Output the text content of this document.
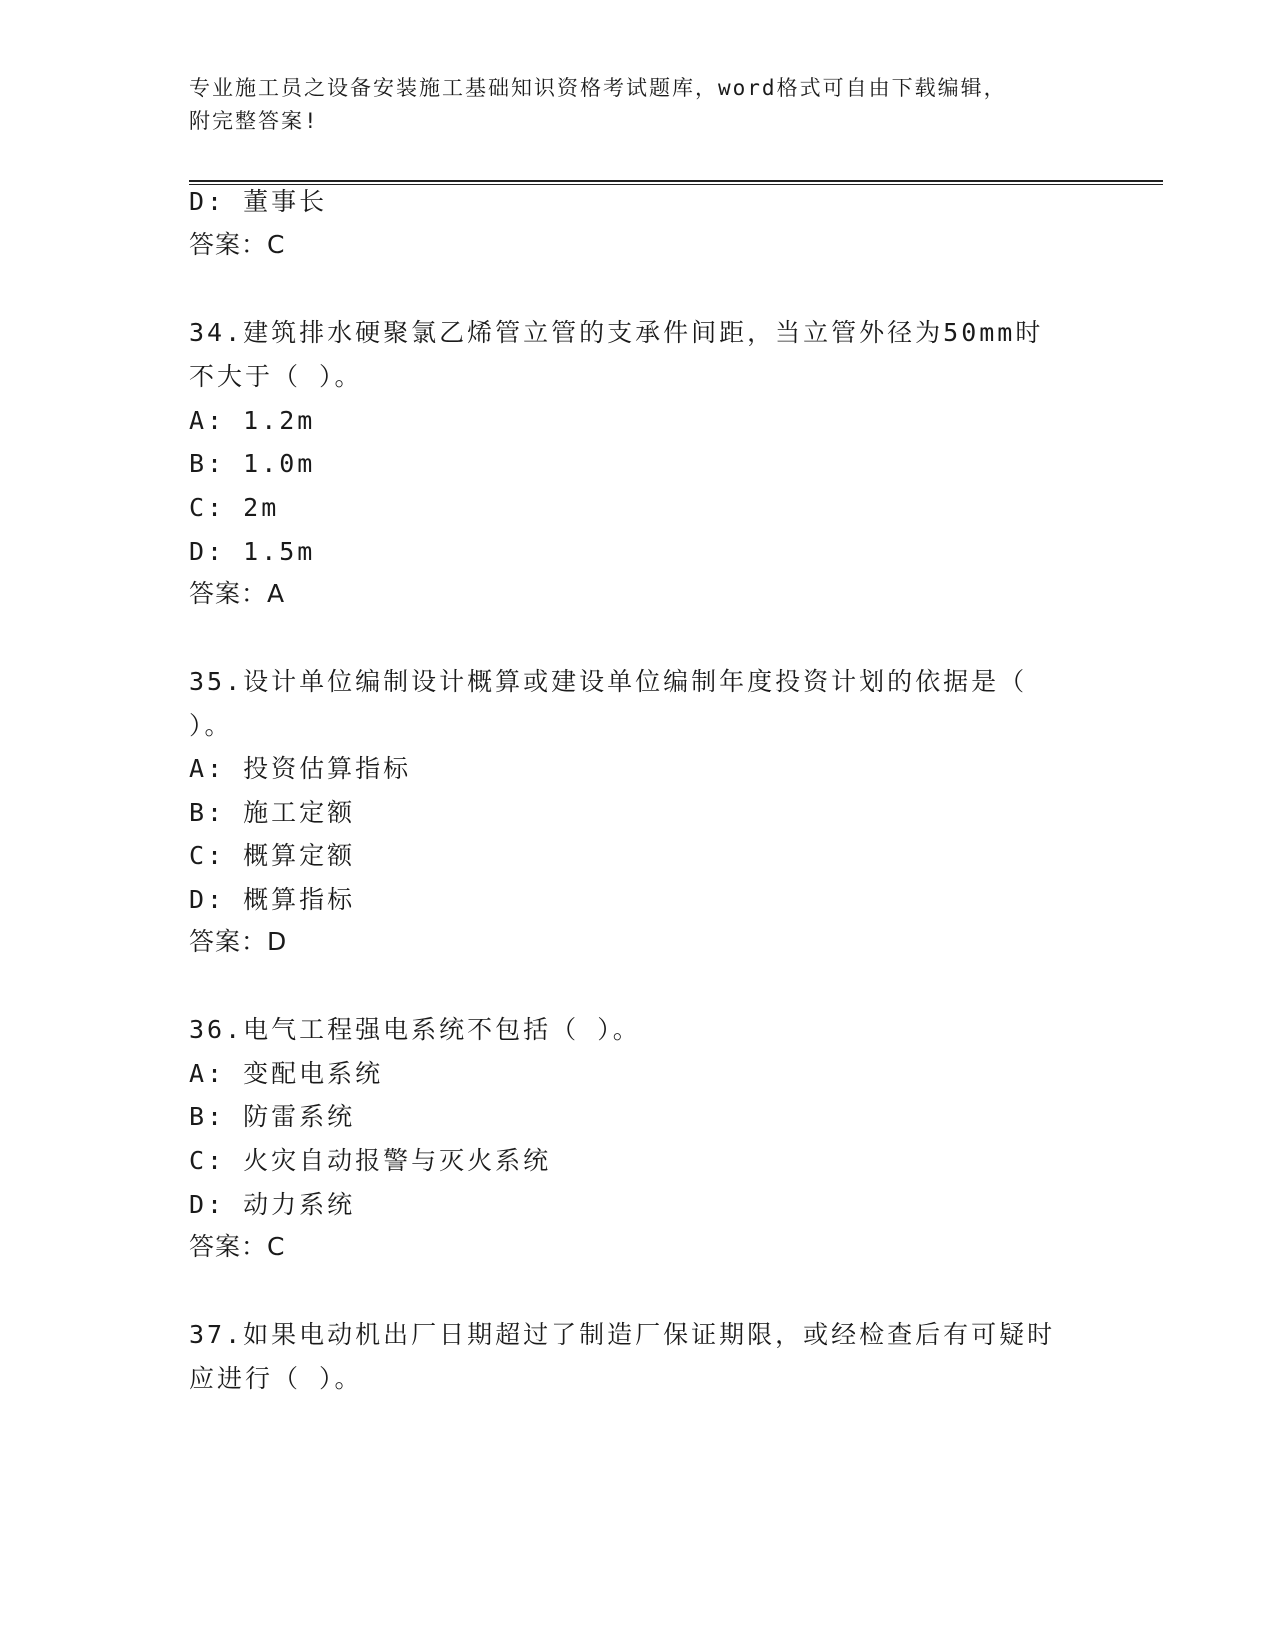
专业施工员之设备安装施工基础知识资格考试题库，word格式可自由下载编辑，
附完整答案!
D: 董事长
答案：C
34.建筑排水硬聚氯乙烯管立管的支承件间距，当立管外径为50mm时
不大于（ ）。
A: 1.2m
B: 1.0m
C: 2m
D: 1.5m
答案：A
35.设计单位编制设计概算或建设单位编制年度投资计划的依据是（
）。
A: 投资估算指标
B: 施工定额
C: 概算定额
D: 概算指标
答案：D
36.电气工程强电系统不包括（ ）。
A: 变配电系统
B: 防雷系统
C: 火灾自动报警与灭火系统
D: 动力系统
答案：C
37.如果电动机出厂日期超过了制造厂保证期限，或经检查后有可疑时
应进行（ ）。
